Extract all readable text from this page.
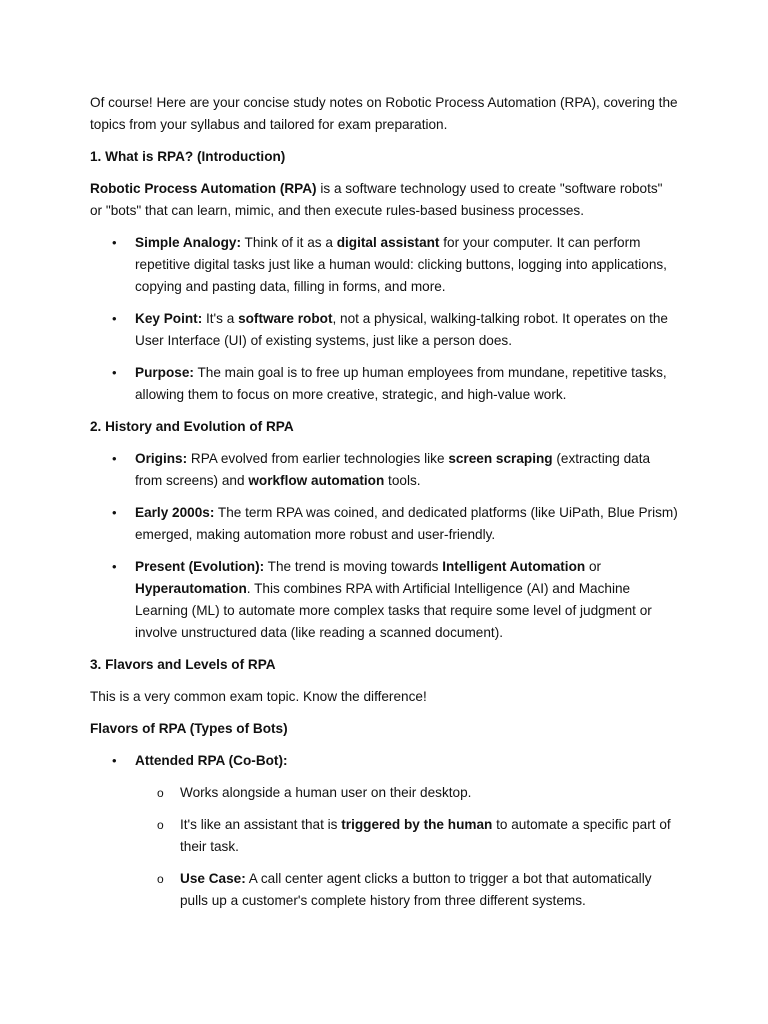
Of course! Here are your concise study notes on Robotic Process Automation (RPA), covering the topics from your syllabus and tailored for exam preparation.

1. What is RPA? (Introduction)

Robotic Process Automation (RPA) is a software technology used to create "software robots" or "bots" that can learn, mimic, and then execute rules-based business processes.

• Simple Analogy: Think of it as a digital assistant for your computer. It can perform repetitive digital tasks just like a human would: clicking buttons, logging into applications, copying and pasting data, filling in forms, and more.
• Key Point: It's a software robot, not a physical, walking-talking robot. It operates on the User Interface (UI) of existing systems, just like a person does.
• Purpose: The main goal is to free up human employees from mundane, repetitive tasks, allowing them to focus on more creative, strategic, and high-value work.

2. History and Evolution of RPA

• Origins: RPA evolved from earlier technologies like screen scraping (extracting data from screens) and workflow automation tools.
• Early 2000s: The term RPA was coined, and dedicated platforms (like UiPath, Blue Prism) emerged, making automation more robust and user-friendly.
• Present (Evolution): The trend is moving towards Intelligent Automation or Hyperautomation. This combines RPA with Artificial Intelligence (AI) and Machine Learning (ML) to automate more complex tasks that require some level of judgment or involve unstructured data (like reading a scanned document).

3. Flavors and Levels of RPA

This is a very common exam topic. Know the difference!

Flavors of RPA (Types of Bots)

• Attended RPA (Co-Bot):
o Works alongside a human user on their desktop.
o It's like an assistant that is triggered by the human to automate a specific part of their task.
o Use Case: A call center agent clicks a button to trigger a bot that automatically pulls up a customer's complete history from three different systems.
